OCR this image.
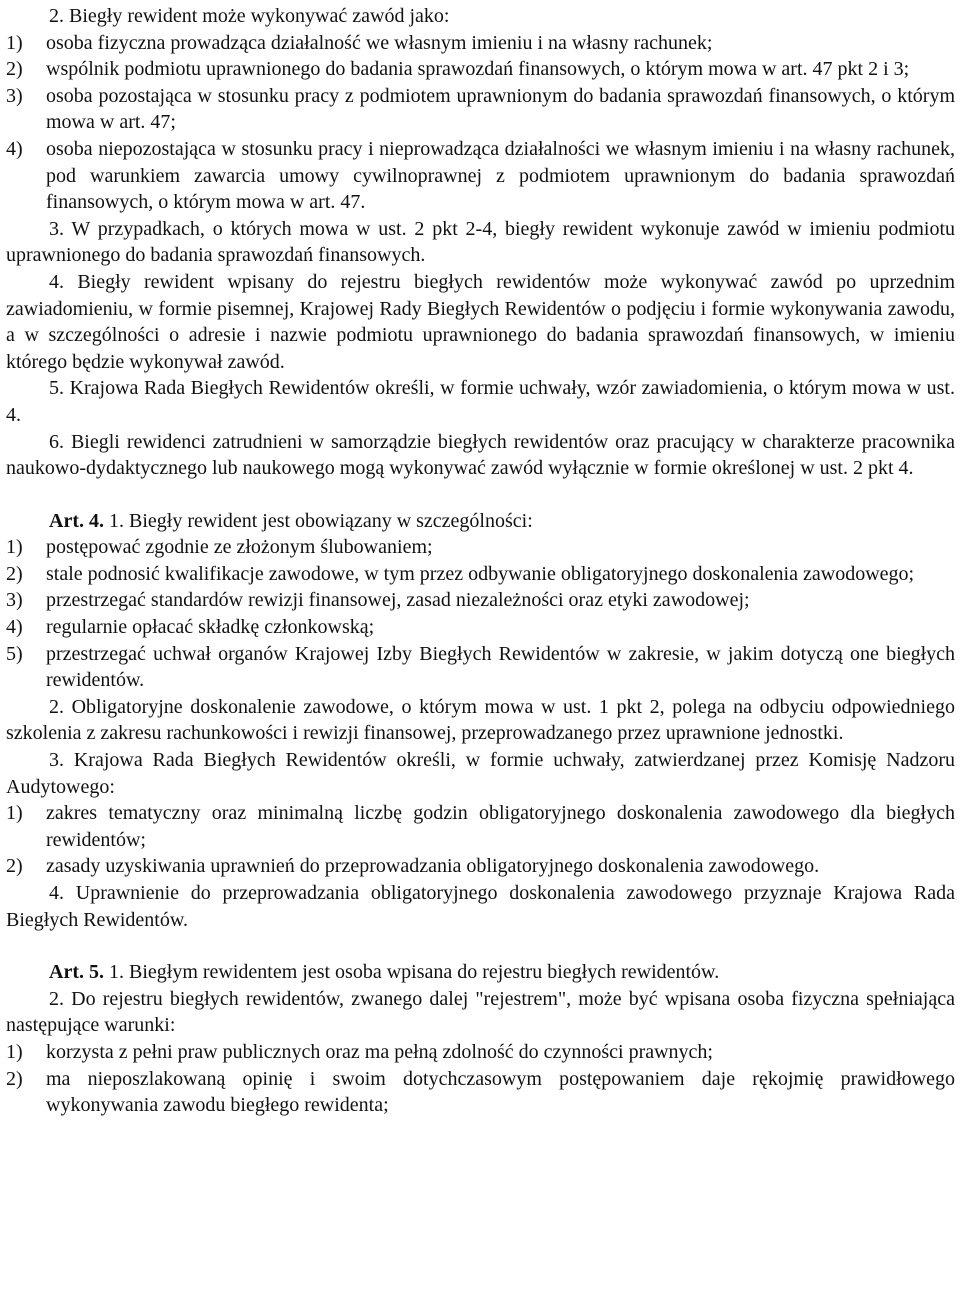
2. Biegły rewident może wykonywać zawód jako:

1)	osoba fizyczna prowadząca działalność we własnym imieniu i na własny rachunek;
2)	wspólnik podmiotu uprawnionego do badania sprawozdań finansowych, o którym mowa w art. 47 pkt 2 i 3;
3)	osoba pozostająca w stosunku pracy z podmiotem uprawnionym do badania sprawozdań finansowych, o którym mowa w art. 47;
4)	osoba niepozostająca w stosunku pracy i nieprowadząca działalności we własnym imieniu i na własny rachunek, pod warunkiem zawarcia umowy cywilnoprawnej z podmiotem uprawnionym do badania sprawozdań finansowych, o którym mowa w art. 47.

3. W przypadkach, o których mowa w ust. 2 pkt 2-4, biegły rewident wykonuje zawód w imieniu podmiotu uprawnionego do badania sprawozdań finansowych.

4. Biegły rewident wpisany do rejestru biegłych rewidentów może wykonywać zawód po uprzednim zawiadomieniu, w formie pisemnej, Krajowej Rady Biegłych Rewidentów o podjęciu i formie wykonywania zawodu, a w szczególności o adresie i nazwie podmiotu uprawnionego do badania sprawozdań finansowych, w imieniu którego będzie wykonywał zawód.

5. Krajowa Rada Biegłych Rewidentów określi, w formie uchwały, wzór zawiadomienia, o którym mowa w ust. 4.

6. Biegli rewidenci zatrudnieni w samorządzie biegłych rewidentów oraz pracujący w charakterze pracownika naukowo-dydaktycznego lub naukowego mogą wykonywać zawód wyłącznie w formie określonej w ust. 2 pkt 4.

Art. 4. 1. Biegły rewident jest obowiązany w szczególności:

1)	postępować zgodnie ze złożonym ślubowaniem;
2)	stale podnosić kwalifikacje zawodowe, w tym przez odbywanie obligatoryjnego doskonalenia zawodowego;
3)	przestrzegać standardów rewizji finansowej, zasad niezależności oraz etyki zawodowej;
4)	regularnie opłacać składkę członkowską;
5)	przestrzegać uchwał organów Krajowej Izby Biegłych Rewidentów w zakresie, w jakim dotyczą one biegłych rewidentów.

2. Obligatoryjne doskonalenie zawodowe, o którym mowa w ust. 1 pkt 2, polega na odbyciu odpowiedniego szkolenia z zakresu rachunkowości i rewizji finansowej, przeprowadzanego przez uprawnione jednostki.

3. Krajowa Rada Biegłych Rewidentów określi, w formie uchwały, zatwierdzanej przez Komisję Nadzoru Audytowego:

1)	zakres tematyczny oraz minimalną liczbę godzin obligatoryjnego doskonalenia zawodowego dla biegłych rewidentów;
2)	zasady uzyskiwania uprawnień do przeprowadzania obligatoryjnego doskonalenia zawodowego.

4. Uprawnienie do przeprowadzania obligatoryjnego doskonalenia zawodowego przyznaje Krajowa Rada Biegłych Rewidentów.

Art. 5. 1. Biegłym rewidentem jest osoba wpisana do rejestru biegłych rewidentów.

2. Do rejestru biegłych rewidentów, zwanego dalej "rejestrem", może być wpisana osoba fizyczna spełniająca następujące warunki:

1)	korzysta z pełni praw publicznych oraz ma pełną zdolność do czynności prawnych;
2)	ma nieposzlakowaną opinię i swoim dotychczasowym postępowaniem daje rękojmię prawidłowego wykonywania zawodu biegłego rewidenta;
